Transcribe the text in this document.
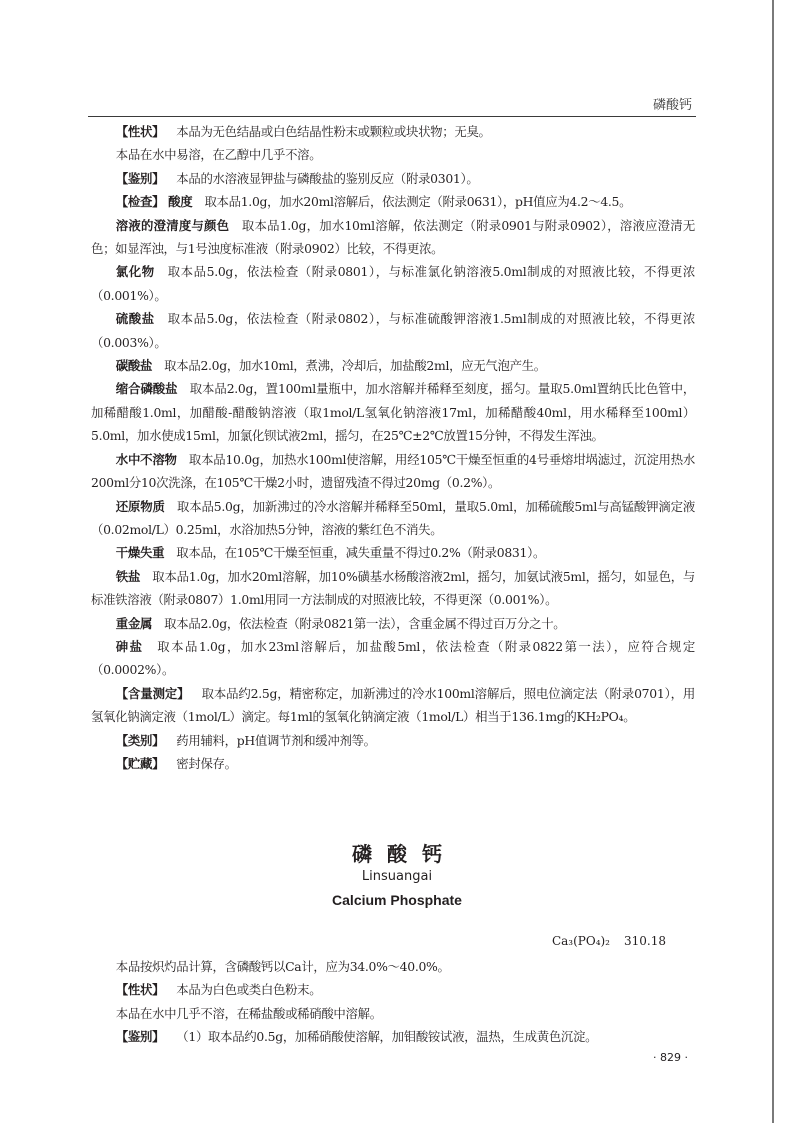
磷酸钙

【性状】  本品为无色结晶或白色结晶性粉末或颗粒或块状物；无臭。

本品在水中易溶，在乙醇中几乎不溶。

【鉴别】  本品的水溶液显钾盐与磷酸盐的鉴别反应（附录0301）。

【检查】 酸度  取本品1.0g，加水20ml溶解后，依法测定（附录0631），pH值应为4.2～4.5。

溶液的澄清度与颜色  取本品1.0g，加水10ml溶解，依法测定（附录0901与附录0902），溶液应澄清无色；如显浑浊，与1号浊度标准液（附录0902）比较，不得更浓。

氯化物  取本品5.0g，依法检查（附录0801），与标准氯化钠溶液5.0ml制成的对照液比较，不得更浓（0.001%）。

硫酸盐  取本品5.0g，依法检查（附录0802），与标准硫酸钾溶液1.5ml制成的对照液比较，不得更浓（0.003%）。

碳酸盐  取本品2.0g，加水10ml，煮沸，冷却后，加盐酸2ml，应无气泡产生。

缩合磷酸盐  取本品2.0g，置100ml量瓶中，加水溶解并稀释至刻度，摇匀。量取5.0ml置纳氏比色管中，加稀醋酸1.0ml，加醋酸-醋酸钠溶液（取1mol/L氢氧化钠溶液17ml，加稀醋酸40ml，用水稀释至100ml）5.0ml，加水使成15ml，加氯化钡试液2ml，摇匀，在25℃±2℃放置15分钟，不得发生浑浊。

水中不溶物  取本品10.0g，加热水100ml使溶解，用经105℃干燥至恒重的4号垂熔坩埚滤过，沉淀用热水200ml分10次洗涤，在105℃干燥2小时，遗留残渣不得过20mg（0.2%）。

还原物质  取本品5.0g，加新沸过的冷水溶解并稀释至50ml，量取5.0ml，加稀硫酸5ml与高锰酸钾滴定液（0.02mol/L）0.25ml，水浴加热5分钟，溶液的紫红色不消失。

干燥失重  取本品，在105℃干燥至恒重，减失重量不得过0.2%（附录0831）。

铁盐  取本品1.0g，加水20ml溶解，加10%磺基水杨酸溶液2ml，摇匀，加氨试液5ml，摇匀，如显色，与标准铁溶液（附录0807）1.0ml用同一方法制成的对照液比较，不得更深（0.001%）。

重金属  取本品2.0g，依法检查（附录0821第一法），含重金属不得过百万分之十。

砷盐  取本品1.0g，加水23ml溶解后，加盐酸5ml，依法检查（附录0822第一法），应符合规定（0.0002%）。

【含量测定】  取本品约2.5g，精密称定，加新沸过的冷水100ml溶解后，照电位滴定法（附录0701），用氢氧化钠滴定液（1mol/L）滴定。每1ml的氢氧化钠滴定液（1mol/L）相当于136.1mg的KH₂PO₄。

【类别】  药用辅料，pH值调节剂和缓冲剂等。

【贮藏】  密封保存。

磷酸钙
Linsuangai
Calcium Phosphate
Ca₃(PO₄)₂ 310.18

本品按炽灼品计算，含磷酸钙以Ca计，应为34.0%～40.0%。

【性状】  本品为白色或类白色粉末。

本品在水中几乎不溶，在稀盐酸或稀硝酸中溶解。

【鉴别】  （1）取本品约0.5g，加稀硝酸使溶解，加钼酸铵试液，温热，生成黄色沉淀。

· 829 ·
